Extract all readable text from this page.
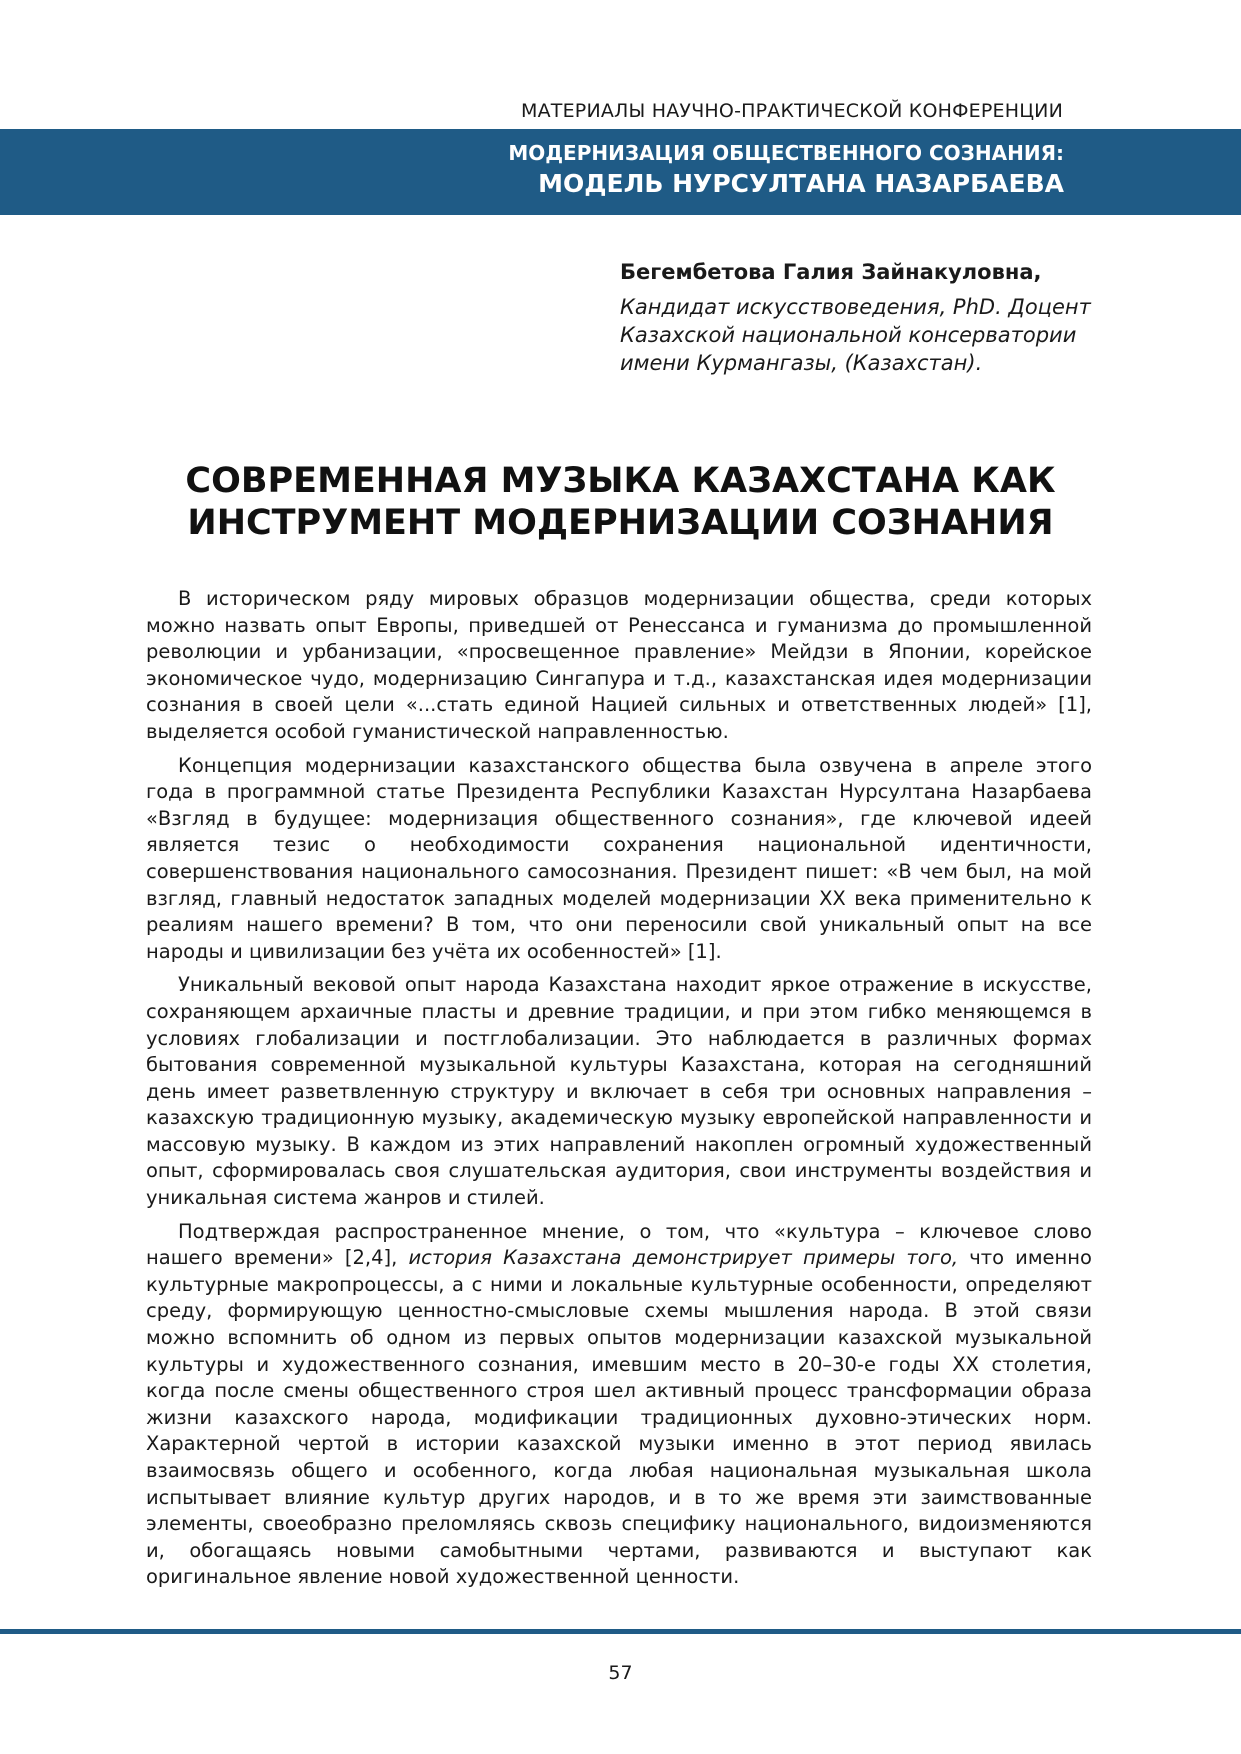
МАТЕРИАЛЫ НАУЧНО-ПРАКТИЧЕСКОЙ КОНФЕРЕНЦИИ
МОДЕРНИЗАЦИЯ ОБЩЕСТВЕННОГО СОЗНАНИЯ:
МОДЕЛЬ НУРСУЛТАНА НАЗАРБАЕВА
Бегембетова Галия Зайнакуловна,
Кандидат искусствоведения, PhD. Доцент
Казахской национальной консерватории
имени Курмангазы, (Казахстан).
СОВРЕМЕННАЯ МУЗЫКА КАЗАХСТАНА КАК
ИНСТРУМЕНТ МОДЕРНИЗАЦИИ СОЗНАНИЯ

В историческом ряду мировых образцов модернизации общества, среди которых можно назвать опыт Европы, приведшей от Ренессанса и гуманизма до промышленной революции и урбанизации, «просвещенное правление» Мейдзи в Японии, корейское экономическое чудо, модернизацию Сингапура и т.д., казахстанская идея модернизации сознания в своей цели «...стать единой Нацией сильных и ответственных людей» [1], выделяется особой гуманистической направленностью.

Концепция модернизации казахстанского общества была озвучена в апреле этого года в программной статье Президента Республики Казахстан Нурсултана Назарбаева «Взгляд в будущее: модернизация общественного сознания», где ключевой идеей является тезис о необходимости сохранения национальной идентичности, совершенствования национального самосознания. Президент пишет: «В чем был, на мой взгляд, главный недостаток западных моделей модернизации XX века применительно к реалиям нашего времени? В том, что они переносили свой уникальный опыт на все народы и цивилизации без учёта их особенностей» [1].

Уникальный вековой опыт народа Казахстана находит яркое отражение в искусстве, сохраняющем архаичные пласты и древние традиции, и при этом гибко меняющемся в условиях глобализации и постглобализации. Это наблюдается в различных формах бытования современной музыкальной культуры Казахстана, которая на сегодняшний день имеет разветвленную структуру и включает в себя три основных направления – казахскую традиционную музыку, академическую музыку европейской направленности и массовую музыку. В каждом из этих направлений накоплен огромный художественный опыт, сформировалась своя слушательская аудитория, свои инструменты воздействия и уникальная система жанров и стилей.

Подтверждая распространенное мнение, о том, что «культура – ключевое слово нашего времени» [2,4], история Казахстана демонстрирует примеры того, что именно культурные макропроцессы, а с ними и локальные культурные особенности, определяют среду, формирующую ценностно-смысловые схемы мышления народа. В этой связи можно вспомнить об одном из первых опытов модернизации казахской музыкальной культуры и художественного сознания, имевшим место в 20–30-е годы XX столетия, когда после смены общественного строя шел активный процесс трансформации образа жизни казахского народа, модификации традиционных духовно-этических норм. Характерной чертой в истории казахской музыки именно в этот период явилась взаимосвязь общего и особенного, когда любая национальная музыкальная школа испытывает влияние культур других народов, и в то же время эти заимствованные элементы, своеобразно преломляясь сквозь специфику национального, видоизменяются и, обогащаясь новыми самобытными чертами, развиваются и выступают как оригинальное явление новой художественной ценности.

57
